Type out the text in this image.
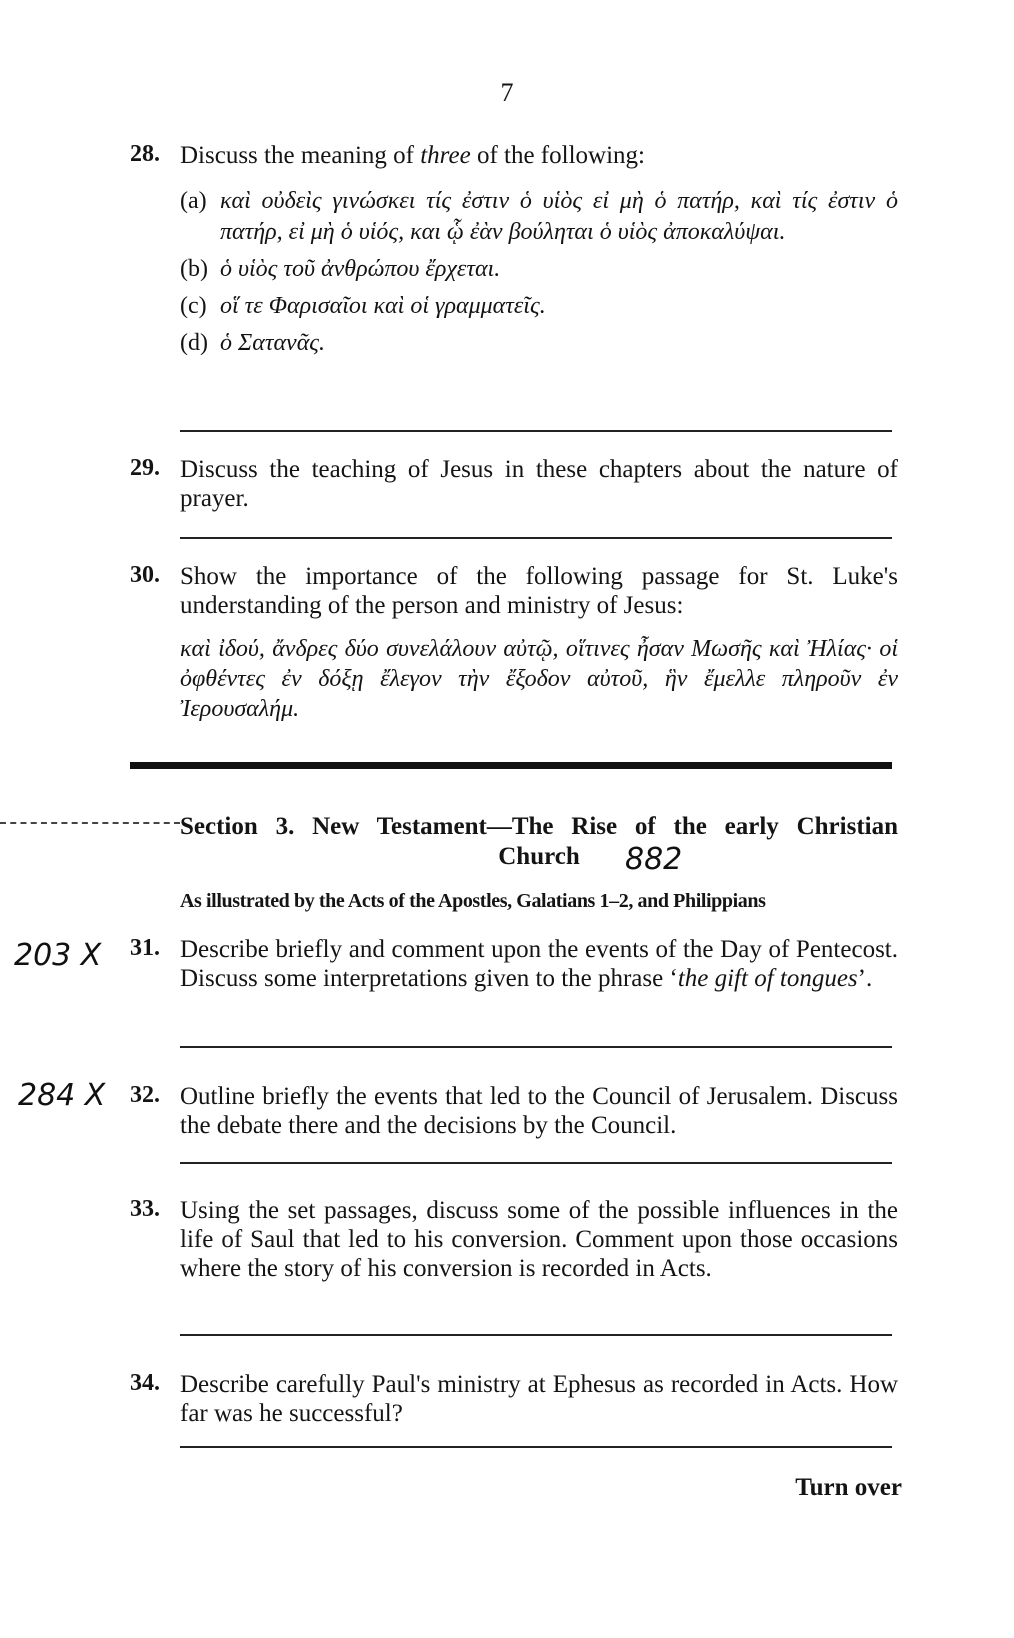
7
28. Discuss the meaning of three of the following:
(a) καὶ οὐδεὶς γινώσκει τίς ἐστιν ὁ υἱὸς εἰ μὴ ὁ πατήρ, καὶ τίς ἐστιν ὁ πατήρ, εἰ μὴ ὁ υἱός, και ᾧ ἐὰν βούληται ὁ υἱὸς ἀποκαλύψαι.
(b) ὁ υἱὸς τοῦ ἀνθρώπου ἔρχεται.
(c) οἵ τε Φαρισαῖοι καὶ οἱ γραμματεῖς.
(d) ὁ Σατανᾶς.
29. Discuss the teaching of Jesus in these chapters about the nature of prayer.
30. Show the importance of the following passage for St. Luke's understanding of the person and ministry of Jesus:
καὶ ἰδού, ἄνδρες δύο συνελάλουν αὐτῷ, οἵτινες ἦσαν Μωσῆς καὶ Ἠλίας· οἱ ὀφθέντες ἐν δόξῃ ἔλεγον τὴν ἔξοδον αὐτοῦ, ἣν ἔμελλε πληροῦν ἐν Ἰερουσαλήμ.
Section 3. New Testament—The Rise of the early Christian
Church	882
As illustrated by the Acts of the Apostles, Galatians 1–2, and Philippians
203 X 31. Describe briefly and comment upon the events of the Day of Pentecost. Discuss some interpretations given to the phrase ‘the gift of tongues’.
284 X 32. Outline briefly the events that led to the Council of Jerusalem. Discuss the debate there and the decisions by the Council.
33. Using the set passages, discuss some of the possible influences in the life of Saul that led to his conversion. Comment upon those occasions where the story of his conversion is recorded in Acts.
34. Describe carefully Paul's ministry at Ephesus as recorded in Acts. How far was he successful?
Turn over
